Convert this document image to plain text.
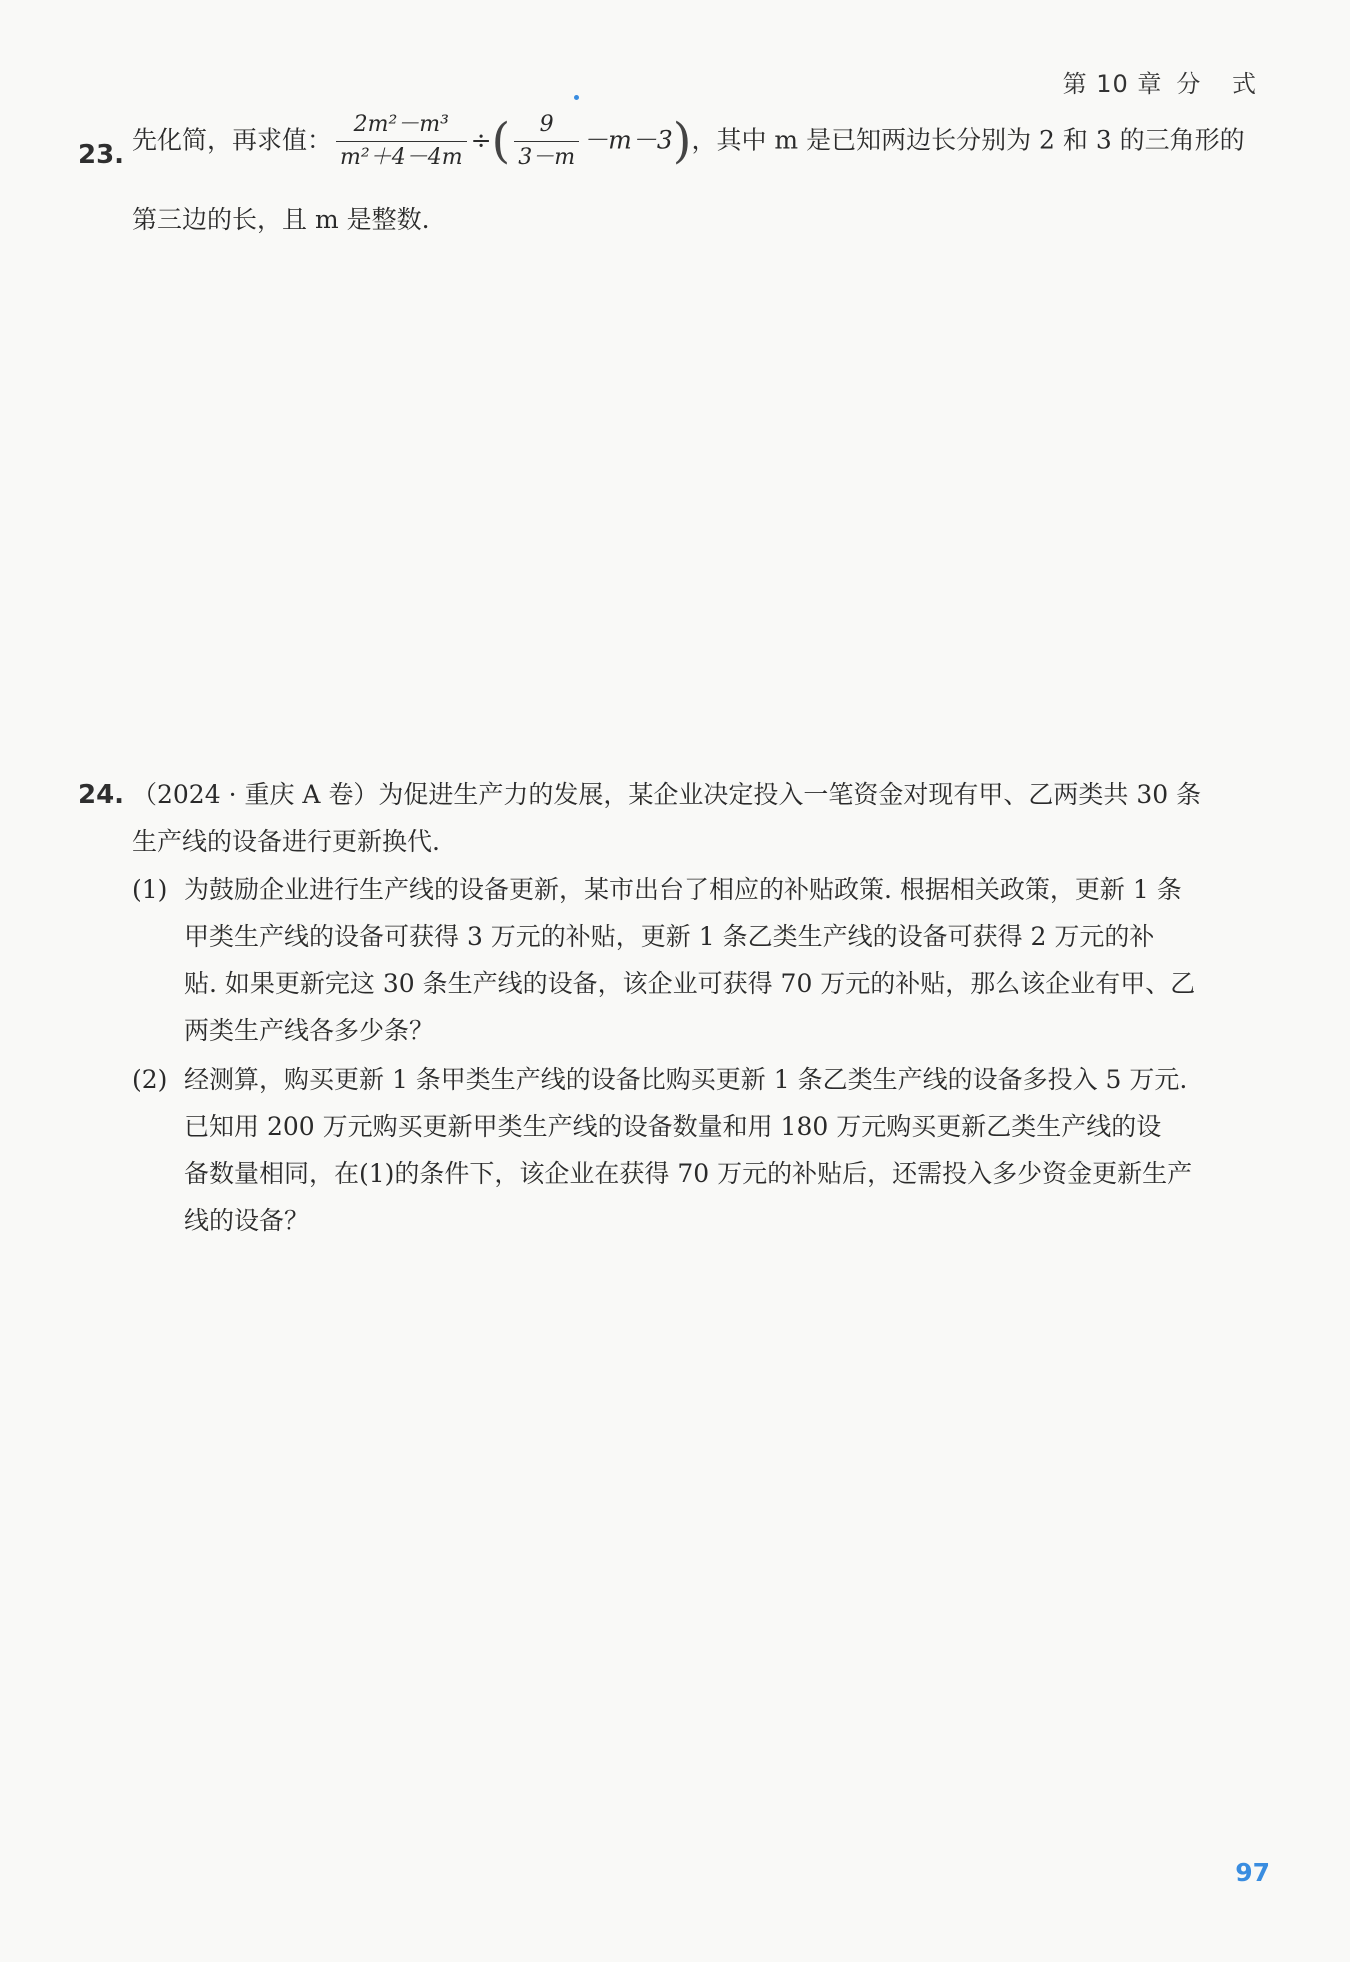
第 10 章 分 式
23.
先化简，再求值： $\frac{\text{2m²－m³}}{\text{m²＋4－4m}}$ ÷( $\frac{9}{3-m} -m-3$)，其中 m 是已知两边长分别为 2 和 3 的三角形的
第三边的长，且 m 是整数.
24. （2024 · 重庆 A 卷）为促进生产力的发展，某企业决定投入一笔资金对现有甲、乙两类共 30 条
生产线的设备进行更新换代.
(1) 为鼓励企业进行生产线的设备更新，某市出台了相应的补贴政策. 根据相关政策，更新 1 条
甲类生产线的设备可获得 3 万元的补贴，更新 1 条乙类生产线的设备可获得 2 万元的补
贴. 如果更新完这 30 条生产线的设备，该企业可获得 70 万元的补贴，那么该企业有甲、乙
两类生产线各多少条？
(2) 经测算，购买更新 1 条甲类生产线的设备比购买更新 1 条乙类生产线的设备多投入 5 万元.
已知用 200 万元购买更新甲类生产线的设备数量和用 180 万元购买更新乙类生产线的设
备数量相同，在(1)的条件下，该企业在获得 70 万元的补贴后，还需投入多少资金更新生产
线的设备？
97
